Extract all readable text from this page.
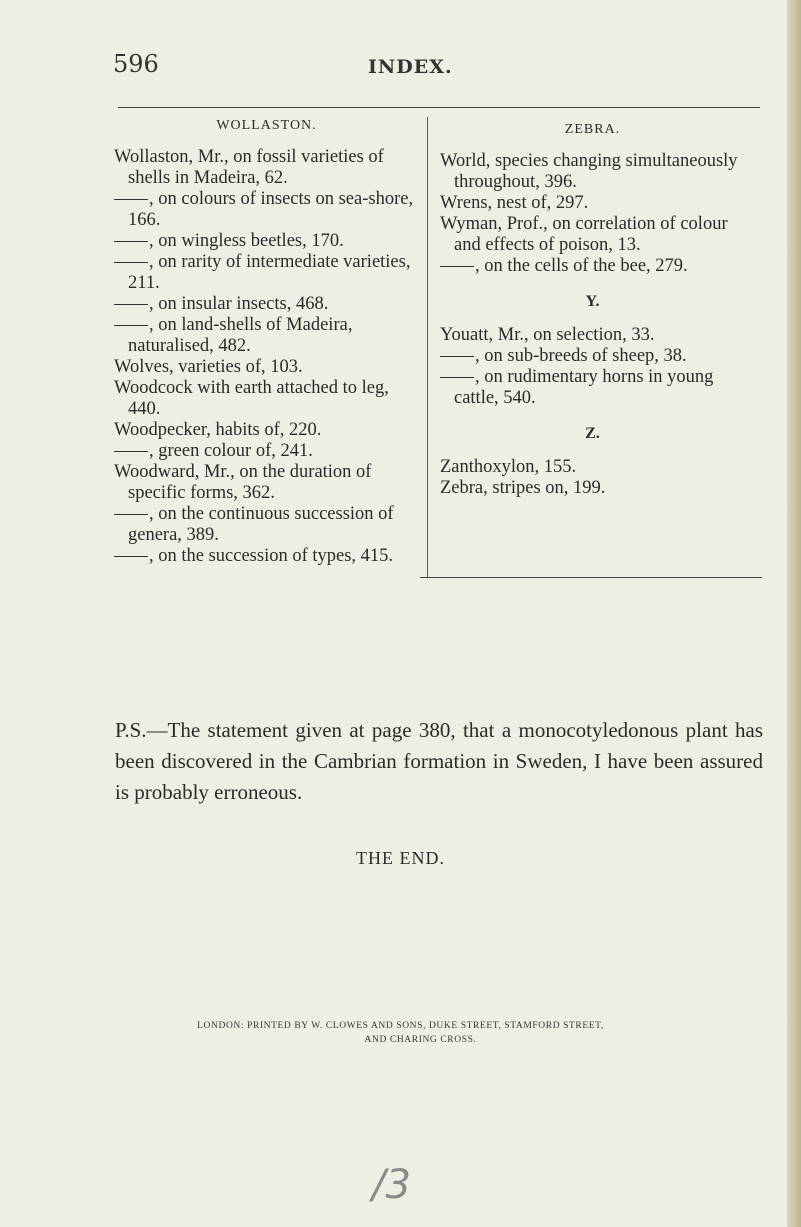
596	INDEX.
WOLLASTON.

Wollaston, Mr., on fossil varieties of shells in Madeira, 62.

, on colours of insects on sea-shore, 166.

, on wingless beetles, 170.

, on rarity of intermediate varieties, 211.

, on insular insects, 468.

, on land-shells of Madeira, naturalised, 482.

Wolves, varieties of, 103.

Woodcock with earth attached to leg, 440.

Woodpecker, habits of, 220.

, green colour of, 241.

Woodward, Mr., on the duration of specific forms, 362.

, on the continuous succession of genera, 389.

, on the succession of types, 415.

ZEBRA.

World, species changing simultaneously throughout, 396.

Wrens, nest of, 297.

Wyman, Prof., on correlation of colour and effects of poison, 13.

, on the cells of the bee, 279.

Y.

Youatt, Mr., on selection, 33.

, on sub-breeds of sheep, 38.

, on rudimentary horns in young cattle, 540.

Z.

Zanthoxylon, 155.

Zebra, stripes on, 199.

P.S.—The statement given at page 380, that a monocotyledonous plant has been discovered in the Cambrian formation in Sweden, I have been assured is probably erroneous.
THE END.
LONDON: PRINTED BY W. CLOWES AND SONS, DUKE STREET, STAMFORD STREET,
AND CHARING CROSS.
/3
